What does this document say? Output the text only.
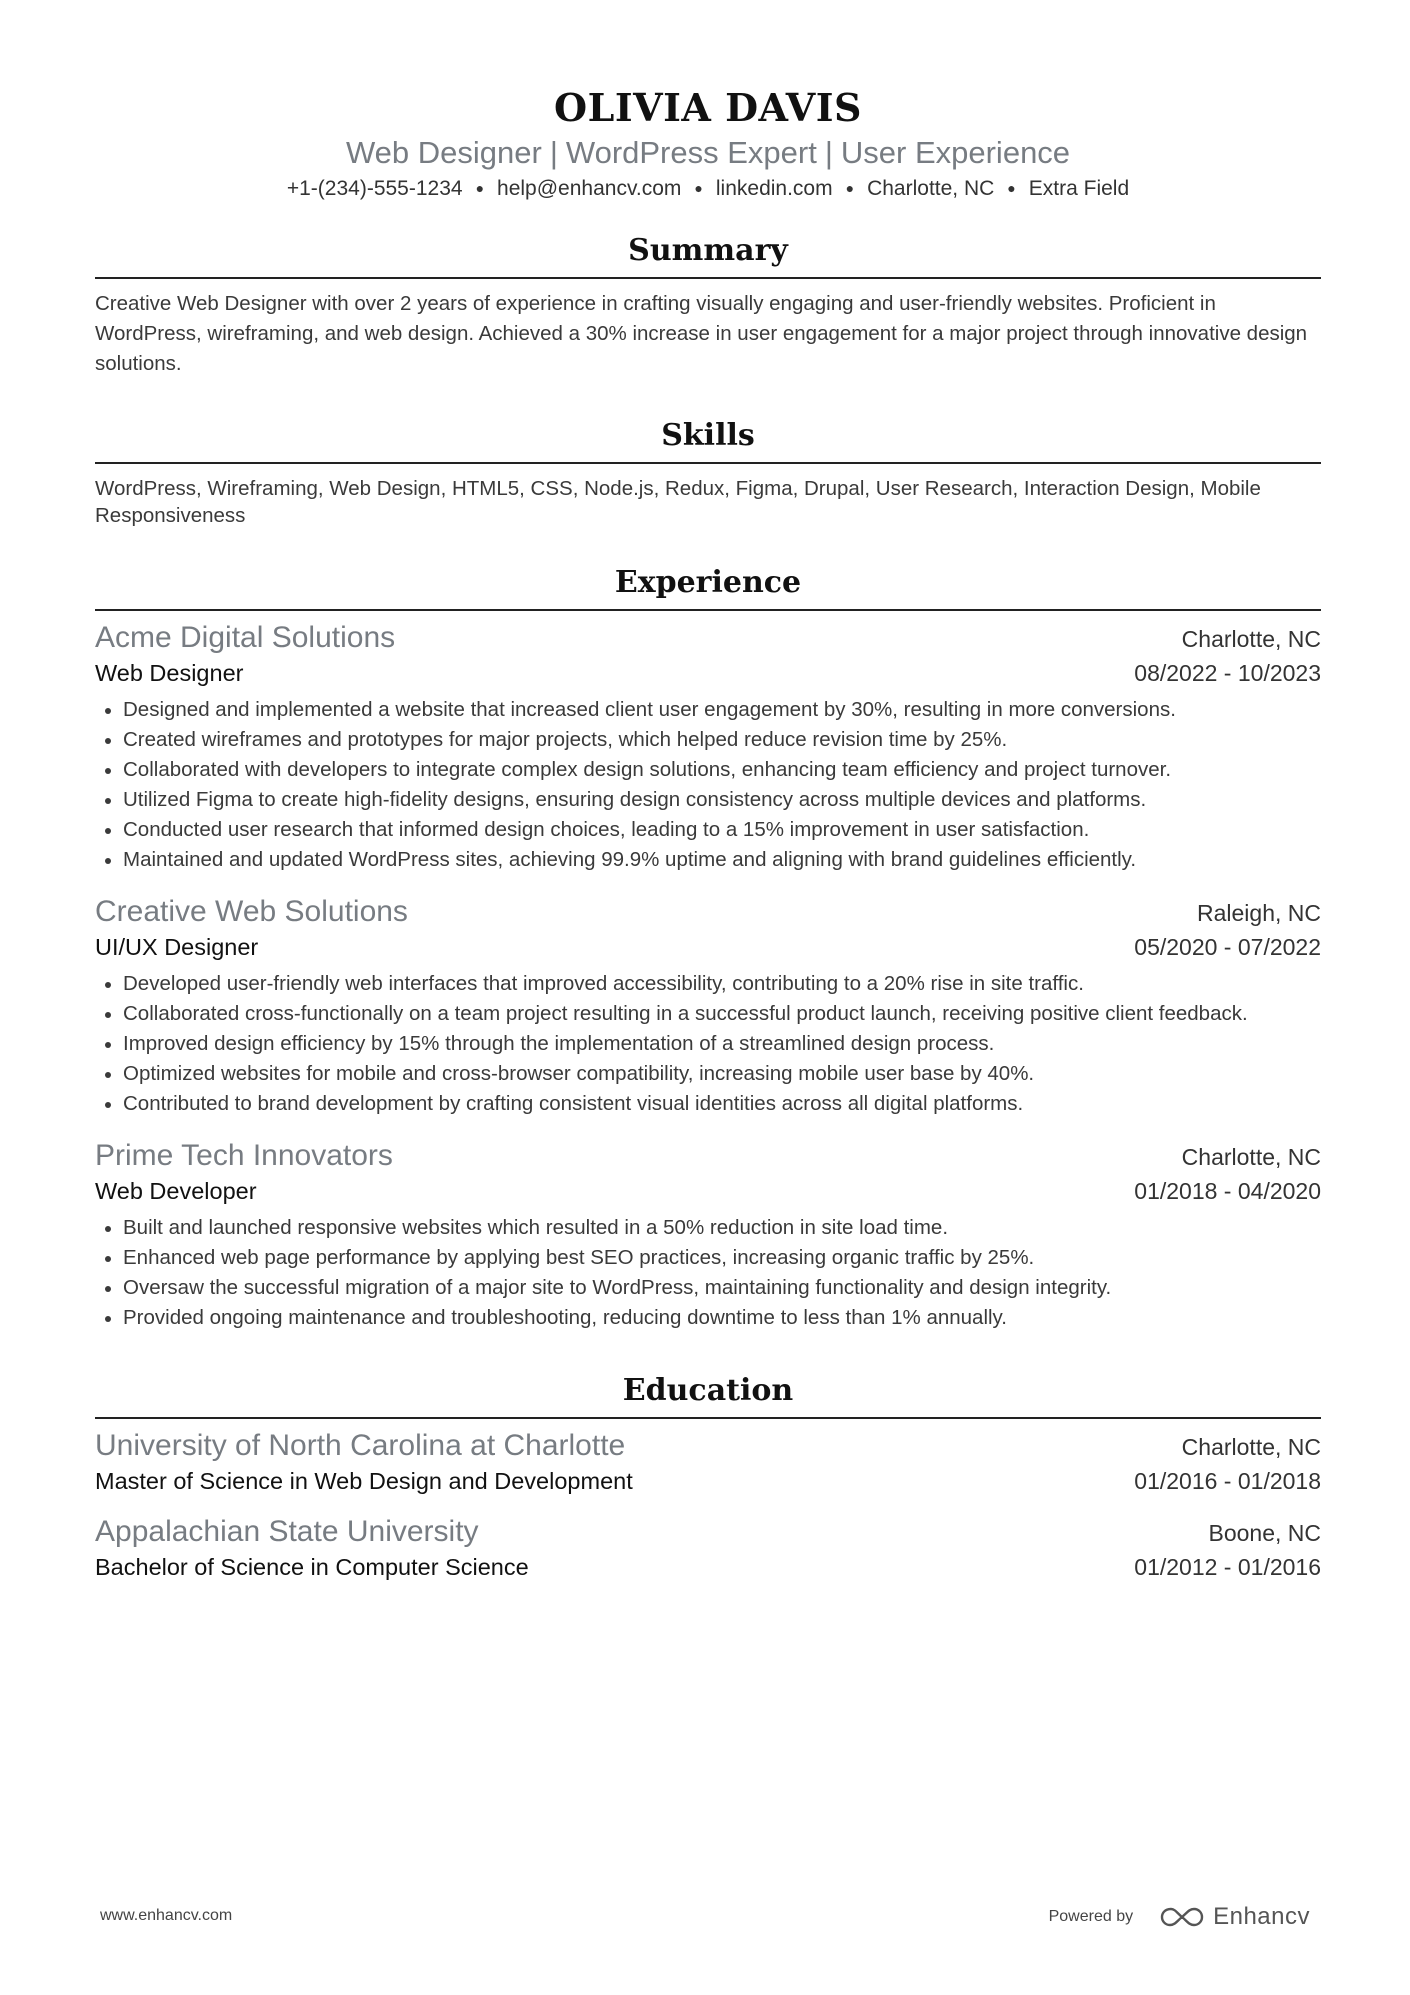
OLIVIA DAVIS
Web Designer | WordPress Expert | User Experience
+1-(234)-555-1234 ● help@enhancv.com ● linkedin.com ● Charlotte, NC ● Extra Field
Summary

Creative Web Designer with over 2 years of experience in crafting visually engaging and user-friendly websites. Proficient in WordPress, wireframing, and web design. Achieved a 30% increase in user engagement for a major project through innovative design solutions.

Skills

WordPress, Wireframing, Web Design, HTML5, CSS, Node.js, Redux, Figma, Drupal, User Research, Interaction Design, Mobile Responsiveness

Experience
Acme Digital Solutions	Charlotte, NC
Web Designer	08/2022 - 10/2023
Designed and implemented a website that increased client user engagement by 30%, resulting in more conversions.
Created wireframes and prototypes for major projects, which helped reduce revision time by 25%.
Collaborated with developers to integrate complex design solutions, enhancing team efficiency and project turnover.
Utilized Figma to create high-fidelity designs, ensuring design consistency across multiple devices and platforms.
Conducted user research that informed design choices, leading to a 15% improvement in user satisfaction.
Maintained and updated WordPress sites, achieving 99.9% uptime and aligning with brand guidelines efficiently.
Creative Web Solutions	Raleigh, NC
UI/UX Designer	05/2020 - 07/2022
Developed user-friendly web interfaces that improved accessibility, contributing to a 20% rise in site traffic.
Collaborated cross-functionally on a team project resulting in a successful product launch, receiving positive client feedback.
Improved design efficiency by 15% through the implementation of a streamlined design process.
Optimized websites for mobile and cross-browser compatibility, increasing mobile user base by 40%.
Contributed to brand development by crafting consistent visual identities across all digital platforms.
Prime Tech Innovators	Charlotte, NC
Web Developer	01/2018 - 04/2020
Built and launched responsive websites which resulted in a 50% reduction in site load time.
Enhanced web page performance by applying best SEO practices, increasing organic traffic by 25%.
Oversaw the successful migration of a major site to WordPress, maintaining functionality and design integrity.
Provided ongoing maintenance and troubleshooting, reducing downtime to less than 1% annually.
Education
University of North Carolina at Charlotte	Charlotte, NC
Master of Science in Web Design and Development	01/2016 - 01/2018
Appalachian State University	Boone, NC
Bachelor of Science in Computer Science	01/2012 - 01/2016
www.enhancv.com	Powered by	Enhancv
